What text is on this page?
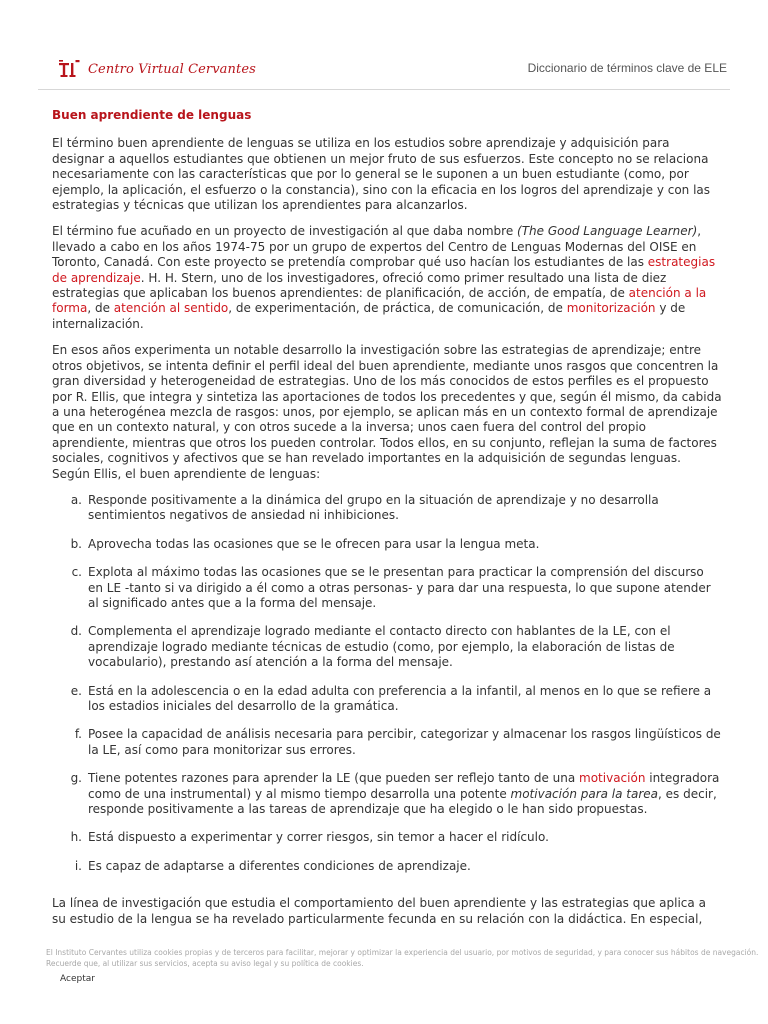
Centro Virtual Cervantes	Diccionario de términos clave de ELE
Buen aprendiente de lenguas

El término buen aprendiente de lenguas se utiliza en los estudios sobre aprendizaje y adquisición para designar a aquellos estudiantes que obtienen un mejor fruto de sus esfuerzos. Este concepto no se relaciona necesariamente con las características que por lo general se le suponen a un buen estudiante (como, por ejemplo, la aplicación, el esfuerzo o la constancia), sino con la eficacia en los logros del aprendizaje y con las estrategias y técnicas que utilizan los aprendientes para alcanzarlos.

El término fue acuñado en un proyecto de investigación al que daba nombre (The Good Language Learner), llevado a cabo en los años 1974-75 por un grupo de expertos del Centro de Lenguas Modernas del OISE en Toronto, Canadá. Con este proyecto se pretendía comprobar qué uso hacían los estudiantes de las estrategias de aprendizaje. H. H. Stern, uno de los investigadores, ofreció como primer resultado una lista de diez estrategias que aplicaban los buenos aprendientes: de planificación, de acción, de empatía, de atención a la forma, de atención al sentido, de experimentación, de práctica, de comunicación, de monitorización y de internalización.

En esos años experimenta un notable desarrollo la investigación sobre las estrategias de aprendizaje; entre otros objetivos, se intenta definir el perfil ideal del buen aprendiente, mediante unos rasgos que concentren la gran diversidad y heterogeneidad de estrategias. Uno de los más conocidos de estos perfiles es el propuesto por R. Ellis, que integra y sintetiza las aportaciones de todos los precedentes y que, según él mismo, da cabida a una heterogénea mezcla de rasgos: unos, por ejemplo, se aplican más en un contexto formal de aprendizaje que en un contexto natural, y con otros sucede a la inversa; unos caen fuera del control del propio aprendiente, mientras que otros los pueden controlar. Todos ellos, en su conjunto, reflejan la suma de factores sociales, cognitivos y afectivos que se han revelado importantes en la adquisición de segundas lenguas. Según Ellis, el buen aprendiente de lenguas:

a. Responde positivamente a la dinámica del grupo en la situación de aprendizaje y no desarrolla sentimientos negativos de ansiedad ni inhibiciones.
b. Aprovecha todas las ocasiones que se le ofrecen para usar la lengua meta.
c. Explota al máximo todas las ocasiones que se le presentan para practicar la comprensión del discurso en LE -tanto si va dirigido a él como a otras personas- y para dar una respuesta, lo que supone atender al significado antes que a la forma del mensaje.
d. Complementa el aprendizaje logrado mediante el contacto directo con hablantes de la LE, con el aprendizaje logrado mediante técnicas de estudio (como, por ejemplo, la elaboración de listas de vocabulario), prestando así atención a la forma del mensaje.
e. Está en la adolescencia o en la edad adulta con preferencia a la infantil, al menos en lo que se refiere a los estadios iniciales del desarrollo de la gramática.
f. Posee la capacidad de análisis necesaria para percibir, categorizar y almacenar los rasgos lingüísticos de la LE, así como para monitorizar sus errores.
g. Tiene potentes razones para aprender la LE (que pueden ser reflejo tanto de una motivación integradora como de una instrumental) y al mismo tiempo desarrolla una potente motivación para la tarea, es decir, responde positivamente a las tareas de aprendizaje que ha elegido o le han sido propuestas.
h. Está dispuesto a experimentar y correr riesgos, sin temor a hacer el ridículo.
i. Es capaz de adaptarse a diferentes condiciones de aprendizaje.

La línea de investigación que estudia el comportamiento del buen aprendiente y las estrategias que aplica a su estudio de la lengua se ha revelado particularmente fecunda en su relación con la didáctica. En especial,

El Instituto Cervantes utiliza cookies propias y de terceros para facilitar, mejorar y optimizar la experiencia del usuario, por motivos de seguridad, y para conocer sus hábitos de navegación. Recuerde que, al utilizar sus servicios, acepta su aviso legal y su política de cookies.
Aceptar
